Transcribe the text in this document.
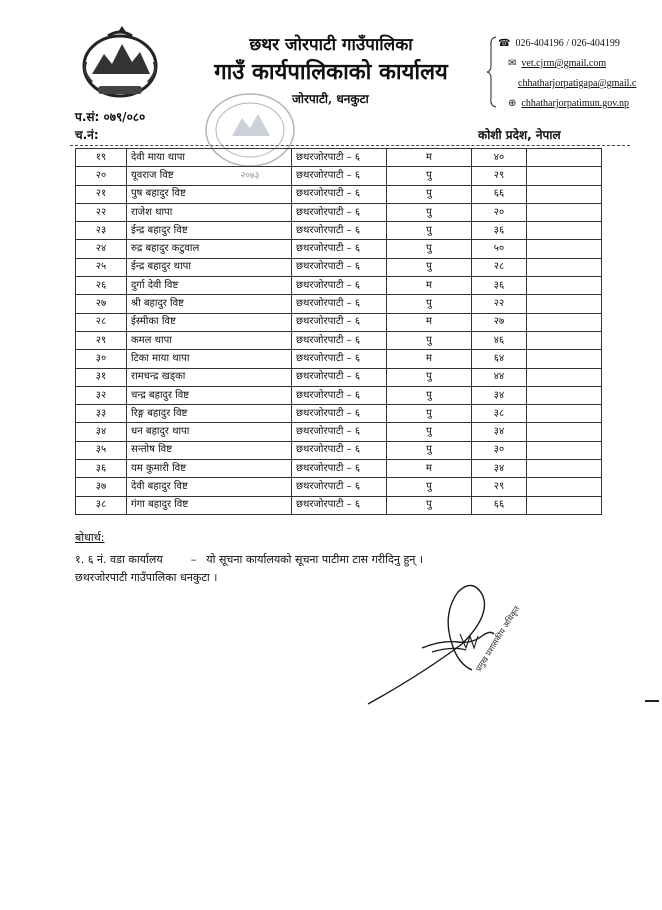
छथर जोरपाटी गाउँपालिका
गाउँ कार्यपालिकाको कार्यालय
जोरपाटी, धनकुटा
☎ 026-404196 / 026-404199
✉ vet.cjrm@gmail.com
chhatharjorpatigapa@gmail.c
⊕ chhatharjorpatimun.gov.np
प.सं: ०७९/०८०
च.नं:	कोशी प्रदेश, नेपाल
२०७३
१९	देवी माया थापा	छथरजोरपाटी – ६	म	४०	
२०	यूवराज विष्ट	छथरजोरपाटी – ६	पु	२९	
२१	पुष बहादुर विष्ट	छथरजोरपाटी – ६	पु	६६	
२२	राजेश थापा	छथरजोरपाटी – ६	पु	२०	
२३	ईन्द्र बहादुर विष्ट	छथरजोरपाटी – ६	पु	३६	
२४	रुद्र बहादुर कटुवाल	छथरजोरपाटी – ६	पु	५०	
२५	ईन्द्र बहादुर थापा	छथरजोरपाटी – ६	पु	२८	
२६	दुर्गा देवी विष्ट	छथरजोरपाटी – ६	म	३६	
२७	श्री बहादुर विष्ट	छथरजोरपाटी – ६	पु	२२	
२८	ईस्मीका विष्ट	छथरजोरपाटी – ६	म	२७	
२९	कमल थापा	छथरजोरपाटी – ६	पु	४६	
३०	टिका माया थापा	छथरजोरपाटी – ६	म	६४	
३१	रामचन्द्र खड्का	छथरजोरपाटी – ६	पु	४४	
३२	चन्द्र बहादुर विष्ट	छथरजोरपाटी – ६	पु	३४	
३३	रिङ्ग बहादुर विष्ट	छथरजोरपाटी – ६	पु	३८	
३४	धन बहादुर थापा	छथरजोरपाटी – ६	पु	३४	
३५	सन्तोष विष्ट	छथरजोरपाटी – ६	पु	३०	
३६	यम कुमारी विष्ट	छथरजोरपाटी – ६	म	३४	
३७	देवी बहादुर विष्ट	छथरजोरपाटी – ६	पु	२९	
३८	गंगा बहादुर विष्ट	छथरजोरपाटी – ६	पु	६६	
बोधार्थ:
१. ६ नं. वडा कार्यालय	– यो सूचना कार्यालयको सूचना पाटीमा टास गरीदिनु हुन् ।
छथरजोरपाटी गाउँपालिका धनकुटा ।
प्रमुख प्रशासकीय अधिकृत
